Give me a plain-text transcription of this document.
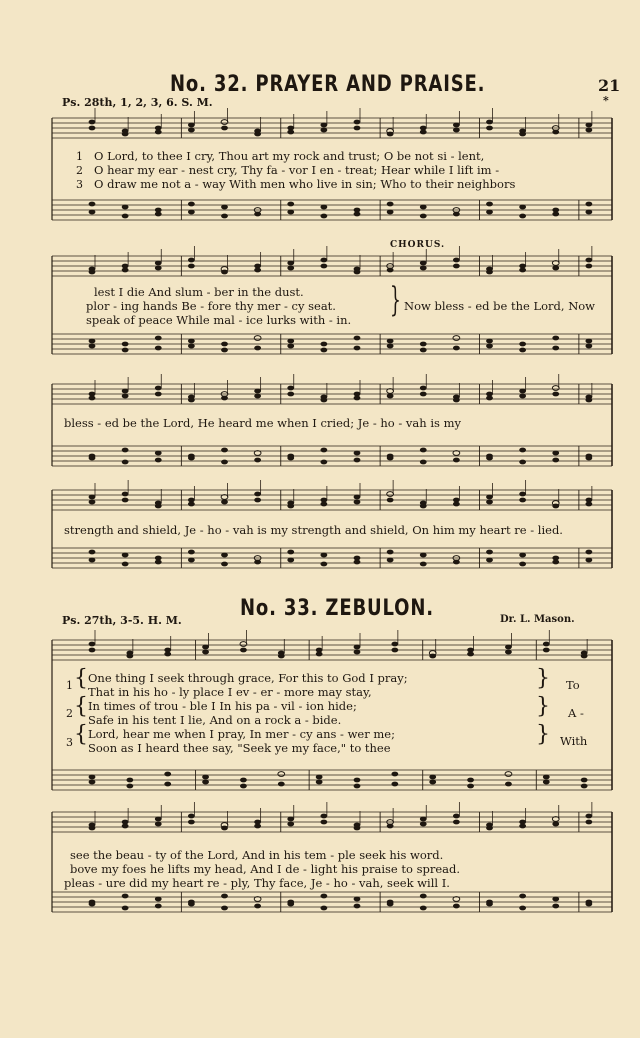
No. 32. PRAYER AND PRAISE.	21
*
Ps. 28th, 1, 2, 3, 6. S. M.
1
2
3
O Lord, to thee I cry, Thou art my rock and trust; O be not si - lent,
O hear my ear - nest cry, Thy fa - vor I en - treat; Hear while I lift im -
O draw me not a - way With men who live in sin; Who to their neighbors
CHORUS.
lest I die And slum - ber in the dust.
plor - ing hands Be - fore thy mer - cy seat.
speak of peace While mal - ice lurks with - in. } Now bless - ed be the Lord, Now
bless - ed be the Lord, He heard me when I cried; Je - ho - vah is my
strength and shield, Je - ho - vah is my strength and shield, On him my heart re - lied.
Ps. 27th, 3-5. H. M.	No. 33. ZEBULON.	Dr. L. Mason.
1
2
3
{
{
{
One thing I seek through grace, For this to God I pray;
That in his ho - ly place I ev - er - more may stay,
In times of trou - ble I In his pa - vil - ion hide;
Safe in his tent I lie, And on a rock a - bide.
Lord, hear me when I pray, In mer - cy ans - wer me;
Soon as I heard thee say, "Seek ye my face," to thee
}
}
}
To
A -
With
see the beau - ty of the Lord, And in his tem - ple seek his word.
bove my foes he lifts my head, And I de - light his praise to spread.
pleas - ure did my heart re - ply, Thy face, Je - ho - vah, seek will I.
